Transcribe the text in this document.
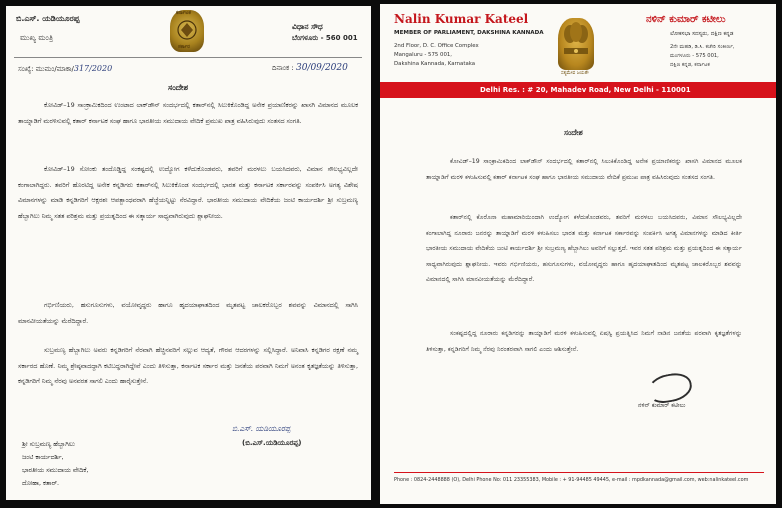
ಬಿ.ಎಸ್. ಯಡಿಯೂರಪ್ಪ
ಮುಖ್ಯ ಮಂತ್ರಿ
ಕರ್ನಾಟಕ
ಸರ್ಕಾರ
ವಿಧಾನ ಸೌಧ
ಬೆಂಗಳೂರು - 560 001
ಸಂಖ್ಯೆ: ಮುಮಂ/ಮಾಕಾ/317/2020	ದಿನಾಂಕ : 30/09/2020
ಸಂದೇಶ
ಕೋವಿಡ್–19 ಸಾಂಕ್ರಾಮಿಕದಿಂದ ಉಂಟಾದ ಲಾಕ್‌ಡೌನ್ ಸಂದರ್ಭದಲ್ಲಿ ಕತಾರ್‌ನಲ್ಲಿ ಸಿಲುಕಿಕೊಂಡಿದ್ದ ಅನೇಕ ಪ್ರಯಾಣಿಕರನ್ನು ಖಾಸಗಿ ವಿಮಾನದ ಮೂಲಕ ತಾಯ್ನಾಡಿಗೆ ಮರಳಿಸುವಲ್ಲಿ ಕತಾರ್ ಕರ್ನಾಟಕ ಸಂಘ ಹಾಗೂ ಭಾರತೀಯ ಸಮುದಾಯ ವೇದಿಕೆ ಪ್ರಮುಖ ಪಾತ್ರ ವಹಿಸಿರುವುದು ಸಂತಸದ ಸಂಗತಿ.
ಕೋವಿಡ್–19 ಸೋಂಕು ತಂದೊಡ್ಡಿದ್ದ ಸಂಕಷ್ಟದಲ್ಲಿ ಉದ್ಯೋಗ ಕಳೆದುಕೊಂಡವರು, ತವರಿಗೆ ಮರಳಲು ಬಯಸಿದವರು, ವಿಮಾನ ಸೌಲಭ್ಯವಿಲ್ಲದೇ ಕಂಗಾಲಾಗಿದ್ದರು. ತವರಿಗೆ ಹೊರಟಿದ್ದ ಅನೇಕ ಕನ್ನಡಿಗರು ಕತಾರ್‌ನಲ್ಲಿ ಸಿಲುಕಿಕೊಂಡ ಸಂದರ್ಭದಲ್ಲಿ ಭಾರತ ಮತ್ತು ಕರ್ನಾಟಕ ಸರ್ಕಾರವನ್ನು ಸಂಪರ್ಕಿಸಿ ಅಗತ್ಯ ವಿಶೇಷ ವಿಮಾನಗಳನ್ನು ಮಾಡಿ ಕನ್ನಡಿಗರಿಗೆ ಆಕ್ಷರಶಃ ಆಪತ್ಭಾಂಧವರಾಗಿ ಹೆಜ್ಜೆಯನ್ನಿಟ್ಟು ನೆರವಿದ್ದಾರೆ. ಭಾರತೀಯ ಸಮುದಾಯ ವೇದಿಕೆಯ ಜಂಟಿ ಕಾರ್ಯದರ್ಶಿ ಶ್ರೀ ಸುಬ್ರಮಣ್ಯ ಹೆಬ್ಬಾಗಿಲು ನಿಮ್ಮ ಸತತ ಪರಿಶ್ರಮ ಮತ್ತು ಪ್ರಯತ್ನದಿಂದ ಈ ಸತ್ಕಾರ್ಯ ಸಾಧ್ಯವಾಗಿರುವುದು ಶ್ಲಾಘನೀಯ.
ಗರ್ಭಿಣಿಯರು, ಹಸುಗೂಸುಗಳು, ವಯೋವೃದ್ಧರು ಹಾಗೂ ಹೃದಯಾಘಾತದಿಂದ ಮೃತಪಟ್ಟ ಚಾಲಕರೊಬ್ಬರ ಶವವನ್ನು ವಿಮಾನದಲ್ಲಿ ಸಾಗಿಸಿ ಮಾನವೀಯತೆಯನ್ನು ಮೆರೆದಿದ್ದಾರೆ.
ಸುಬ್ರಮಣ್ಯ ಹೆಬ್ಬಾಗಿಲು ಅವರು ಕನ್ನಡಿಗರಿಗೆ ನೆರವಾಗಿ ಹೆಚ್ಚಿನವರಿಗೆ ಸಲ್ಲುವ ಆದ್ಯತೆ, ಗೌರವ ಆದರಗಳನ್ನು ಸಲ್ಲಿಸಿದ್ದಾರೆ. ಅನಿವಾಸಿ ಕನ್ನಡಿಗರ ರಕ್ಷಣೆ ನಮ್ಮ ಸರ್ಕಾರದ ಹೊಣೆ. ನಿಮ್ಮ ಶ್ರೇಷ್ಠವಾದದ್ದಾಗಿ ಕಟಿಬದ್ಧರಾಗಿದ್ದೇವೆ ಎಂದು ತಿಳಿಸುತ್ತಾ, ಕರ್ನಾಟಕ ಸರ್ಕಾರ ಮತ್ತು ಜನತೆಯ ಪರವಾಗಿ ನಿಮಗೆ ಅನಂತ ಕೃತಜ್ಞತೆಯನ್ನು ತಿಳಿಸುತ್ತಾ, ಕನ್ನಡಿಗರಿಗೆ ನಿಮ್ಮ ನೆರವು ಅನವರತ ಸಾಗಲಿ ಎಂದು ಹಾರೈಸುತ್ತೇನೆ.
ಬಿ.ಎಸ್. ಯಡಿಯೂರಪ್ಪ
(ಬಿ.ಎಸ್.ಯಡಿಯೂರಪ್ಪ)
ಶ್ರೀ ಸುಬ್ರಮಣ್ಯ ಹೆಬ್ಬಾಗಿಲು
ಜಂಟಿ ಕಾರ್ಯದರ್ಶಿ,
ಭಾರತೀಯ ಸಮುದಾಯ ವೇದಿಕೆ,
ದೋಹಾ, ಕತಾರ್.
Nalin Kumar Kateel
MEMBER OF PARLIAMENT, DAKSHINA KANNADA
2nd Floor, D. C. Office Complex
Mangaluru - 575 001,
Dakshina Kannada, Karnataka
ಸತ್ಯಮೇವ ಜಯತೇ
ನಳಿನ್ ಕುಮಾರ್ ಕಟೀಲು
ಲೋಕಸಭಾ ಸದಸ್ಯರು, ದಕ್ಷಿಣ ಕನ್ನಡ
2ನೇ ಮಹಡಿ, ಡಿ.ಸಿ. ಕಚೇರಿ ಸಂಕೀರ್ಣ,
ಮಂಗಳೂರು - 575 001,
ದಕ್ಷಿಣ ಕನ್ನಡ, ಕರ್ನಾಟಕ
Delhi Res. : # 20, Mahadev Road, New Delhi - 110001
ಸಂದೇಶ
ಕೋವಿಡ್–19 ಸಾಂಕ್ರಾಮಿಕದಿಂದ ಲಾಕ್‌ಡೌನ್ ಸಂದರ್ಭದಲ್ಲಿ ಕತಾರ್‌ನಲ್ಲಿ ಸಿಲುಕಿಕೊಂಡಿದ್ದ ಅನೇಕ ಪ್ರಯಾಣಿಕರನ್ನು ಖಾಸಗಿ ವಿಮಾನದ ಮೂಲಕ ತಾಯ್ನಾಡಿಗೆ ಮರಳಿ ಕಳುಹಿಸುವಲ್ಲಿ ಕತಾರ್ ಕರ್ನಾಟಕ ಸಂಘ ಹಾಗೂ ಭಾರತೀಯ ಸಮುದಾಯ ವೇದಿಕೆ ಪ್ರಮುಖ ಪಾತ್ರ ವಹಿಸಿರುವುದು ಸಂತಸದ ಸಂಗತಿ.
ಕತಾರ್‌ನಲ್ಲಿ ಕೊರೊನಾ ಮಹಾಮಾರಿಯಿಂದಾಗಿ ಉದ್ಯೋಗ ಕಳೆದುಕೊಂಡವರು, ತವರಿಗೆ ಮರಳಲು ಬಯಸಿದವರು, ವಿಮಾನ ಸೌಲಭ್ಯವಿಲ್ಲದೇ ಕಂಗಾಲಾಗಿದ್ದ ನೂರಾರು ಜನರನ್ನು ತಾಯ್ನಾಡಿಗೆ ಮರಳಿ ಕಳುಹಿಸಲು ಭಾರತ ಮತ್ತು ಕರ್ನಾಟಕ ಸರ್ಕಾರವನ್ನು ಸಂಪರ್ಕಿಸಿ ಅಗತ್ಯ ವಿಮಾನಗಳನ್ನು ಮಾಡಿದ ಕೀರ್ತಿ ಭಾರತೀಯ ಸಮುದಾಯ ವೇದಿಕೆಯ ಜಂಟಿ ಕಾರ್ಯದರ್ಶಿ ಶ್ರೀ ಸುಬ್ರಮಣ್ಯ ಹೆಬ್ಬಾಗಿಲು ಅವರಿಗೆ ಸಲ್ಲುತ್ತದೆ. ಇವರ ಸತತ ಪರಿಶ್ರಮ ಮತ್ತು ಪ್ರಯತ್ನದಿಂದ ಈ ಸತ್ಕಾರ್ಯ ಸಾಧ್ಯವಾಗಿರುವುದು ಶ್ಲಾಘನೀಯ. ಇವರು ಗರ್ಭಿಣಿಯರು, ಹಸುಗೂಸುಗಳು, ವಯೋವೃದ್ಧರು ಹಾಗೂ ಹೃದಯಾಘಾತದಿಂದ ಮೃತಪಟ್ಟ ಚಾಲಕರೊಬ್ಬರ ಶವವನ್ನು ವಿಮಾನದಲ್ಲಿ ಸಾಗಿಸಿ ಮಾನವೀಯತೆಯನ್ನು ಮೆರೆದಿದ್ದಾರೆ.
ಸಂಕಷ್ಟದಲ್ಲಿದ್ದ ನೂರಾರು ಕನ್ನಡಿಗರನ್ನು ತಾಯ್ನಾಡಿಗೆ ಮರಳಿ ಕಳುಹಿಸುವಲ್ಲಿ ಏಷಸ್ವಿ ಪ್ರಯತ್ನಿಸಿದ ನಿಮಗೆ ನಾಡಿನ ಜನತೆಯ ಪರವಾಗಿ ಕೃತಜ್ಞತೆಗಳನ್ನು ತಿಳಿಸುತ್ತಾ, ಕನ್ನಡಿಗರಿಗೆ ನಿಮ್ಮ ನೆರವು ನಿರಂತರವಾಗಿ ಸಾಗಲಿ ಎಂದು ಆಶಿಸುತ್ತೇನೆ.
ನಳಿನ್ ಕುಮಾರ್ ಕಟೀಲು
Phone : 0824-2448888 (O), Delhi Phone No: 011 23355383, Mobile : + 91-94485 49445, e-mail : mpdkannada@gmail.com, web:nalinkateel.com
